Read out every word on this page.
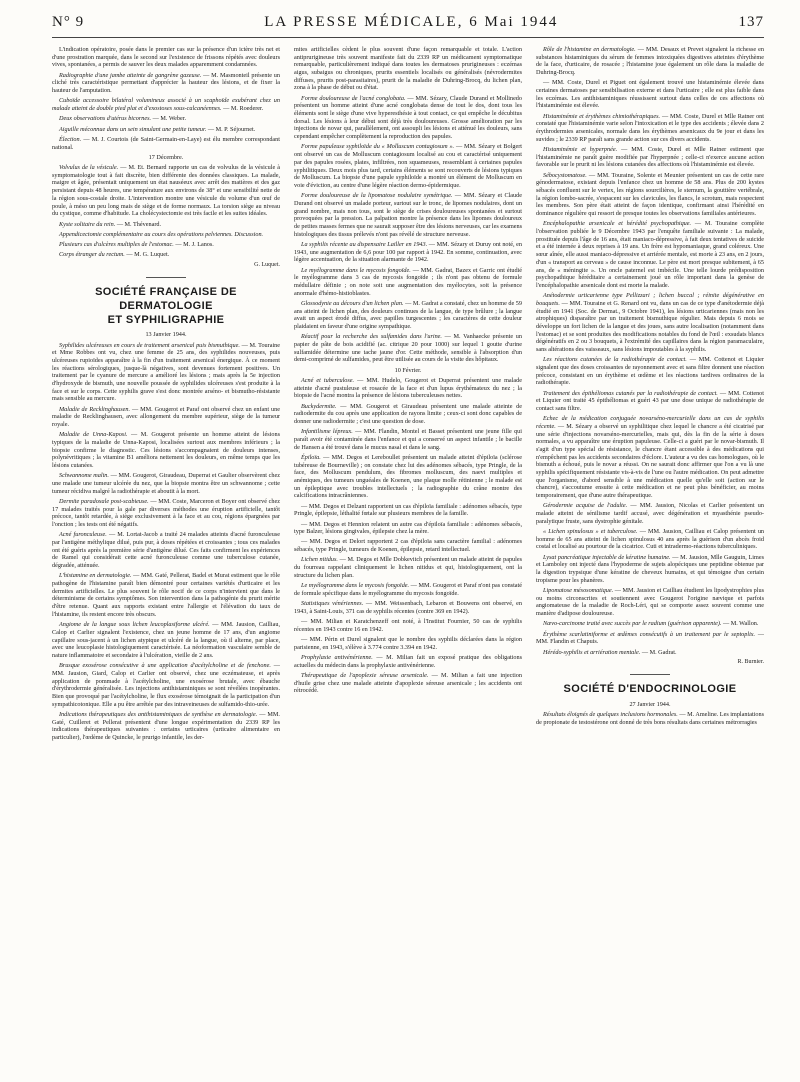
N° 9	LA PRESSE MÉDICALE, 6 Mai 1944	137

L'indication opératoire, posée dans le premier cas sur la présence d'un ictère très net et d'une prostration marquée, dans le second sur l'existence de frissons répétés avec douleurs vives, spontanées, a permis de sauver les deux malades apparemment condamnées.

Radiographie d'une jambe atteinte de gangrène gazeuse. — M. Masmonteil présente un cliché très caractéristique permettant d'apprécier la hauteur des lésions, et de fixer la hauteur de l'amputation.

Cuboïde accessoire bilatéral volumineux associé à un scaphoïde exubérant chez un malade atteint de double pied plat et d'exostoses sous-calcanéennes. — M. Roederer.

Deux observations d'utérus bicornes. — M. Weber.

Aiguille méconnue dans un sein simulant une petite tumeur. — M. P. Séjournet.

Élection. — M. J. Courtois (de Saint-Germain-en-Laye) est élu membre correspondant national.

17 Décembre.

Volvulus de la vésicule. — M. Et. Bernard rapporte un cas de volvulus de la vésicule à symptomatologie tout à fait discrète, bien différente des données classiques. La malade, maigre et âgée, présentait uniquement un état nauséeux avec arrêt des matières et des gaz persistant depuis 48 heures, une température aux environs de 38° et une sensibilité nette de la région sous-costale droite. L'intervention montre une vésicule du volume d'un œuf de poule, à méso un peu long mais de siège et de forme normaux. La torsion siège au niveau du cystique, comme d'habitude. La cholécystectomie est très facile et les suites idéales.

Kyste solitaire du rein. — M. Thévenard.

Appendicectomie complémentaire au cours des opérations pelviennes. Discussion.

Plusieurs cas d'ulcères multiples de l'estomac. — M. J. Lanos.

Corps étranger du rectum. — M. G. Luquet.

G. Luquet.

SOCIÉTÉ FRANÇAISE DE DERMATOLOGIE
ET SYPHILIGRAPHIE

13 Janvier 1944.

Syphilides ulcéreuses en cours de traitement arsenical puis bismuthique. — M. Touraine et Mme Robbes ont vu, chez une femme de 25 ans, des syphilides nouveuses, puis ulcéreuses rupioïdes apparaître à la fin d'un traitement arsenical énergique. À ce moment les réactions sérologiques, jusque-là négatives, sont devenues fortement positives. Un traitement par le cyanure de mercure a amélioré les lésions ; mais après la 5e injection d'hydroxyde de bismuth, une nouvelle poussée de syphilides ulcéreuses s'est produite à la face et sur le corps. Cette syphilis grave s'est donc montrée arséno- et bismutho-résistante mais sensible au mercure.

Maladie de Recklinghausen. — MM. Gougerot et Paraf ont observé chez un enfant une maladie de Recklinghausen, avec allongement du membre supérieur, siège de la tumeur royale.

Maladie de Unna-Kaposi. — M. Gougerot présente un homme atteint de lésions typiques de la maladie de Unna-Kaposi, localisées surtout aux membres inférieurs ; la biopsie confirme le diagnostic. Ces lésions s'accompagnaient de douleurs intenses, polynévritiques ; la vitamine B1 améliora nettement les douleurs, en même temps que les lésions cutanées.

Schwannome malin. — MM. Gougerot, Giraudeau, Duperrat et Gaulier observèrent chez une malade une tumeur ulcérée du nez, que la biopsie montra être un schwannome ; cette tumeur récidiva malgré la radiothérapie et aboutit à la mort.

Dermite paradoxale post-scabieuse. — MM. Coste, Marceron et Boyer ont observé chez 17 malades traités pour la gale par diverses méthodes une éruption artificielle, tantôt précoce, tantôt retardée, à siège exclusivement à la face et au cou, régions épargnées par l'onction ; les tests ont été négatifs.

Acné furonculeuse. — M. Lortat-Jacob a traité 24 malades atteints d'acné furonculeuse par l'antigène méthylique dilué, puis pur, à doses répétées et croissantes ; tous ces malades ont été guéris après la première série d'antigène dilué. Ces faits confirment les expériences de Ramel qui considérait cette acné furonculeuse comme une tuberculose cutanée, dégradée, atténuée.

L'histamine en dermatologie. — MM. Gaté, Pellerat, Badel et Murat estiment que le rôle pathogène de l'histamine paraît bien démontré pour certaines variétés d'urticaire et les dermites artificielles. Le plus souvent le rôle nocif de ce corps n'intervient que dans le déterminisme de certains symptômes. Son intervention dans la pathogénie du prurit mérite d'être retenue. Quant aux rapports existant entre l'allergie et l'élévation du taux de l'histamine, ils restent encore très obscurs.

Angiome de la langue sous lichen leucoplasiforme ulcéré. — MM. Jausion, Cailliau, Calop et Carlier signalent l'existence, chez un jeune homme de 17 ans, d'un angiome capillaire sous-jacent à un lichen atypique et ulcéré de la langue, où il alterne, par place, avec une leucoplasie histologiquement caractérisée. La néoformation vasculaire semble de nature inflammatoire et secondaire à l'ulcération, vieille de 2 ans.

Brusque exosérose consécutive à une application d'acétylcholine et de fenchone. — MM. Jausion, Giard, Calop et Carlier ont observé, chez une eczémateuse, et après application de pommade à l'acétylcholine, une exosérose brutale, avec ébauche d'érythrodermie généralisée. Les injections antihistaminiques se sont révélées inopérantes. Bien que provoqué par l'acétylcholine, le flux exosérose témoignait de la participation d'un sympathicotonique. Elle a pu être arrêtée par des intraveineuses de sulfamido-thio-urée.

Indications thérapeutiques des antihistaminiques de synthèse en dermatologie. — MM. Gaté, Cuilleret et Pellerat présentent d'une longue expérimentation du 2339 RP les indications thérapeutiques suivantes : certains urticaires (urticaire alimentaire en particulier), l'œdème de Quincke, le prurigo infantile, les der-

mites artificielles cèdent le plus souvent d'une façon remarquable et totale. L'action antiprurigineuse très souvent manifeste fait du 2339 RP un médicament symptomatique remarquable, particulièrement indiqué dans toutes les dermatoses prurigineuses : eczémas aigus, subaigus ou chroniques, prurits essentiels localisés ou généralisés (névrodermites diffuses, prurits post-parasitaires), prurit de la maladie de Duhring-Brocq, du lichen plan, zona à la phase de début ou d'état.

Forme douloureuse de l'acné conglobata. — MM. Sézary, Claude Durand et Mollinedo présentent un homme atteint d'une acné conglobata dense de tout le dos, dont tous les éléments sont le siège d'une vive hyperesthésie à tout contact, ce qui empêche le décubitus dorsal. Les lésions à leur début sont déjà très douloureuses. Grosse amélioration par les injections de novar qui, parallèlement, ont assoupli les lésions et atténué les douleurs, sans cependant empêcher complètement la reproduction des papules.

Forme papuleuse syphiloïde du « Molluscum contagiosum ». — MM. Sézary et Bolgert ont observé un cas de Molluscum contagiosum localisé au cou et caractérisé uniquement par des papules rosées, plates, infiltrées, non squameuses, ressemblant à certaines papules syphilitiques. Deux mois plus tard, certains éléments se sont recouverts de lésions typiques de Molluscum. La biopsie d'une papule syphiloïde a montré un élément de Molluscum en voie d'éviction, au centre d'une légère réaction dermo-épidermique.

Forme douloureuse de la lipomatose nodulaire symétrique. — MM. Sézary et Claude Durand ont observé un malade porteur, surtout sur le tronc, de lipomes nodulaires, dont un grand nombre, mais non tous, sont le siège de crises douloureuses spontanées et surtout provoquées par la pression. La palpation montre la présence dans les lipomes douloureux de petites masses fermes que ne saurait supposer être des lésions nerveuses, car les examens histologiques des tissus prélevés n'ont pas révélé de structure nerveuse.

La syphilis récente au dispensaire Lailler en 1943. — MM. Sézary et Duruy ont noté, en 1943, une augmentation de 6,6 pour 100 par rapport à 1942. En somme, continuation, avec légère accentuation, de la situation alarmante de 1942.

Le myélogramme dans le mycosis fongoïde. — MM. Gadrat, Bazex et Garric ont étudié le myélogramme dans 3 cas de mycosis fongoïde ; ils n'ont pas obtenu de formule médullaire définie ; on note soit une augmentation des myélocytes, soit la présence anormale d'hémo-histioblastes.

Glossodynie au décours d'un lichen plan. — M. Gadrat a constaté, chez un homme de 59 ans atteint de lichen plan, des douleurs continues de la langue, de type brûlure ; la langue avait un aspect érodé diffus, avec papilles turgescentes ; les caractères de cette douleur plaidaient en faveur d'une origine sympathique.

Réactif pour la recherche des sulfamides dans l'urine. — M. Vanhaecke présente un papier de pâte de bois acidifié (ac. citrique 20 pour 1000) sur lequel 1 goutte d'urine sulfamidée détermine une tache jaune d'or. Cette méthode, sensible à l'absorption d'un demi-comprimé de sulfamides, peut être utilisée au cours de la visite des hôpitaux.

10 Février.

Acné et tuberculose. — MM. Hudelo, Gougerot et Duperrat présentent une malade atteinte d'acné pustuleuse et rosacée de la face et d'un lupus érythémateux du nez ; la biopsie de l'acné montra la présence de lésions tuberculeuses nettes.

Buckydermite. — MM. Gougerot et Giraudeau présentent une malade atteinte de radiodermite du cou après une application de rayons limite ; ceux-ci sont donc capables de donner une radiodermite ; c'est une question de dose.

Infantilisme lépreux. — MM. Flandin, Montel et Basset présentent une jeune fille qui paraît avoir été contaminée dans l'enfance et qui a conservé un aspect infantile ; le bacille de Hansen a été trouvé dans le mucus nasal et dans le sang.

Épiloïa. — MM. Degos et Lereboullet présentent un malade atteint d'épiloïa (sclérose tubéreuse de Bourneville) ; on constate chez lui des adénomes sébacés, type Pringle, de la face, des Molluscum pendulum, des fibromes molluscum, des naevi multiples et anémiques, des tumeurs unguéales de Koenen, une plaque molle rétinienne ; le malade est un épileptique avec troubles intellectuels ; la radiographie du crâne montre des calcifications intracrâniennes.

— MM. Degos et Delzant rapportent un cas d'épiloïa familiale : adénomes sébacés, type Pringle, épilepsie, léthalité fœtale sur plusieurs membres de la famille.

— MM. Degos et Hennion relatent un autre cas d'épiloïa familiale : adénomes sébacés, type Balzer, lésions gingivales, épilepsie chez la mère.

— MM. Degos et Delort rapportent 2 cas d'épiloïa sans caractère familial : adénomes sébacés, type Pringle, tumeurs de Koenen, épilepsie, retard intellectuel.

Lichen nitidus. — M. Degos et Mlle Dobkevitch présentent un malade atteint de papules du fourreau rappelant cliniquement le lichen nitidus et qui, histologiquement, ont la structure du lichen plan.

Le myélogramme dans le mycosis fongoïde. — MM. Gougerot et Paraf n'ont pas constaté de formule spécifique dans le myélogramme du mycosis fongoïde.

Statistiques vénériennes. — MM. Weissenbach, Lebaron et Bouwens ont observé, en 1943, à Saint-Louis, 371 cas de syphilis récentes (contre 369 en 1942).

— MM. Milian et Karatchenzeff ont noté, à l'Institut Fournier, 50 cas de syphilis récentes en 1943 contre 16 en 1942.

— MM. Périn et Durel signalent que le nombre des syphilis déclarées dans la région parisienne, en 1943, s'élève à 3.774 contre 3.394 en 1942.

Prophylaxie antivénérienne. — M. Milian fait un exposé pratique des obligations actuelles du médecin dans la prophylaxie antivénérienne.

Thérapeutique de l'apoplexie séreuse arsenicale. — M. Milian a fait une injection d'huile grise chez une malade atteinte d'apoplexie séreuse arsenicale ; les accidents ont rétrocédé.

Rôle de l'histamine en dermatologie. — MM. Desaux et Prevet signalent la richesse en substances histaminiques du sérum de femmes intoxiquées digestives atteintes d'érythème de la face, d'urticaire, de rosacée ; l'histamine joue également un rôle dans la maladie de Duhring-Brocq.

— MM. Coste, Durel et Piguet ont également trouvé une histaminémie élevée dans certaines dermatoses par sensibilisation externe et dans l'urticaire ; elle est plus faible dans les eczémas. Les antihistaminiques réussissent surtout dans celles de ces affections où l'histaminémie est élevée.

Histaminémie et érythèmes chimiothérapiques. — MM. Coste, Durel et Mlle Ratner ont constaté que l'histaminémie varie selon l'intoxication et le type des accidents ; élevée dans 2 érythrodermies arsenicales, normale dans les érythèmes arsenicaux du 9e jour et dans les suvides ; le 2339 RP paraît sans grande action sur ces divers accidents.

Histaminémie et hyperpnée. — MM. Coste, Durel et Mlle Ratner estiment que l'histaminémie ne paraît guère modifiée par l'hyperpnée ; celle-ci n'exerce aucune action favorable sur le prurit ni les lésions cutanées des affections où l'histaminémie est élevée.

Sébocystomatose. — MM. Touraine, Solente et Meunier présentent un cas de cette rare génodermatose, existant depuis l'enfance chez un homme de 58 ans. Plus de 200 kystes sébacés confluent sur le vertex, les régions sourcilières, le sternum, la gouttière vertébrale, la région lombo-sacrée, s'espacent sur les clavicules, les flancs, le scrotum, mais respectent les membres. Son père était atteint de façon identique, confirmant ainsi l'hérédité en dominance régulière qui ressort de presque toutes les observations familiales antérieures.

Encéphalopathie arsenicale et hérédité psychopathique. — M. Touraine complète l'observation publiée le 9 Décembre 1943 par l'enquête familiale suivante : La malade, prostituée depuis l'âge de 16 ans, était maniaco-dépressive, à fait deux tentatives de suicide et a été internée à deux reprises à 19 ans. Un frère est hypomaniaque, grand coléreux. Une sœur aînée, elle aussi maniaco-dépressive et arriérée mentale, est morte à 23 ans, en 2 jours, d'un « transport au cerveau » de cause inconnue. Le père est mort presque subitement, à 65 ans, de « méningite ». Un oncle paternel est imbécile. Une telle lourde prédisposition psychopathique héréditaire a certainement joué un rôle important dans la genèse de l'encéphalopathie arsenicale dont est morte la malade.

Anétodermie urticarienne type Pellizzari ; lichen buccal ; réinite dégénérative en bouquets. — MM. Touraine et G. Renard ont vu, dans un cas de ce type d'anétodermie déjà étudié en 1941 (Soc. de Dermat., 9 Octobre 1941), les lésions urticariennes (mais non les atrophiques) disparaître par un traitement bismuthique régulier. Mais depuis 6 mois se développe un fort lichen de la langue et des joues, sans autre localisation (notamment dans l'estomac) et se sont produites des modifications notables du fond de l'œil : exsudats blancs dégénératifs en 2 ou 3 bouquets, à l'extrémité des capillaires dans la région paramaculaire, sans altérations des vaisseaux, sans lésions impoutables à la syphilis.

Les réactions cutanées de la radiothérapie de contact. — MM. Cottenot et Liquier signalent que des doses croissantes de rayonnement avec et sans filtre donnent une réaction précoce, consistant en un érythème et œdème et les réactions tardives ordinaires de la radiothérapie.

Traitement des épithéliomas cutanés par la radiothérapie de contact. — MM. Cottenot et Liquier ont traité 45 épithéliomas et guéri 43 par une dose unique de radiothérapie de contact sans filtre.

Echec de la médication conjuguée novarséno-mercurielle dans un cas de syphilis récente. — M. Sézary a observé un syphilitique chez lequel le chancre a été cicatrisé par une série d'injections novarséno-mercurielles, mais qui, dès la fin de la série à doses normales, a vu apparaître une éruption papuleuse. Celle-ci a guéri par le novar-bismuth. Il s'agit d'un type spécial de résistance, le chancre étant accessible à des médications qui n'empêchent pas les accidents secondaires d'éclore. L'auteur a vu des cas homologues, où le bismuth a échoué, puis le novar a réussi. On ne saurait donc affirmer que l'on a vu là une syphilis spécifiquement résistante vis-à-vis de l'une ou l'autre médication. On peut admettre que l'organisme, d'abord sensible à une médication quelle qu'elle soit (action sur le chancre), s'accoutume ensuite à cette médication et ne peut plus bénéficier, au moins temporairement, que d'une autre thérapeutique.

Gérodermie acquise de l'adulte. — MM. Jausion, Nicolas et Carlier présentent un malade atteint de sénilisme tardif accusé, avec dégénération et myasthénie pseudo-paralytique fruste, sans dystrophie génitale.

« Lichen spinulosus » et tuberculose. — MM. Jausion, Cailliau et Calop présentent un homme de 65 ans atteint de lichen spinulosus 40 ans après la guérison d'un abcès froid costal et localisé au pourtour de la cicatrice. Cuti et intradermo-réactions tuberculiniques.

Lysat pancréatique injectable de kératine humaine. — M. Jausion, Mlle Gauguin, Limes et Lamboley ont injecté dans l'hypoderme de sujets alopéciques une peptidine obtenue par la digestion trypsique d'une kératine de cheveux humains, et qui témoigne d'un certain tropisme pour les phanères.

Lipomatose mésosomatique. — MM. Jausion et Cailliau étudient les lipodystrophies plus ou moins circonscrites et soutiennent avec Gougerot l'origine nævique et parfois angiomateuse de la maladie de Roch-Léri, qui se comporte assez souvent comme une manière d'adipose douloureuse.

Nævo-carcinome traité avec succès par le radium (guérison apparente). — M. Wallon.

Érythème scarlatiniforme et œdèmes consécutifs à un traitement par le septoplix. — MM. Flandin et Chapuis.

Hérédo-syphilis et arriération mentale. — M. Gadrat.

R. Burnier.

SOCIÉTÉ D'ENDOCRINOLOGIE

27 Janvier 1944.

Résultats éloignés de quelques inclusions hormonales. — M. Ameline. Les implantations de propionate de testostérone ont donné de très bons résultats dans certaines métrorragies
